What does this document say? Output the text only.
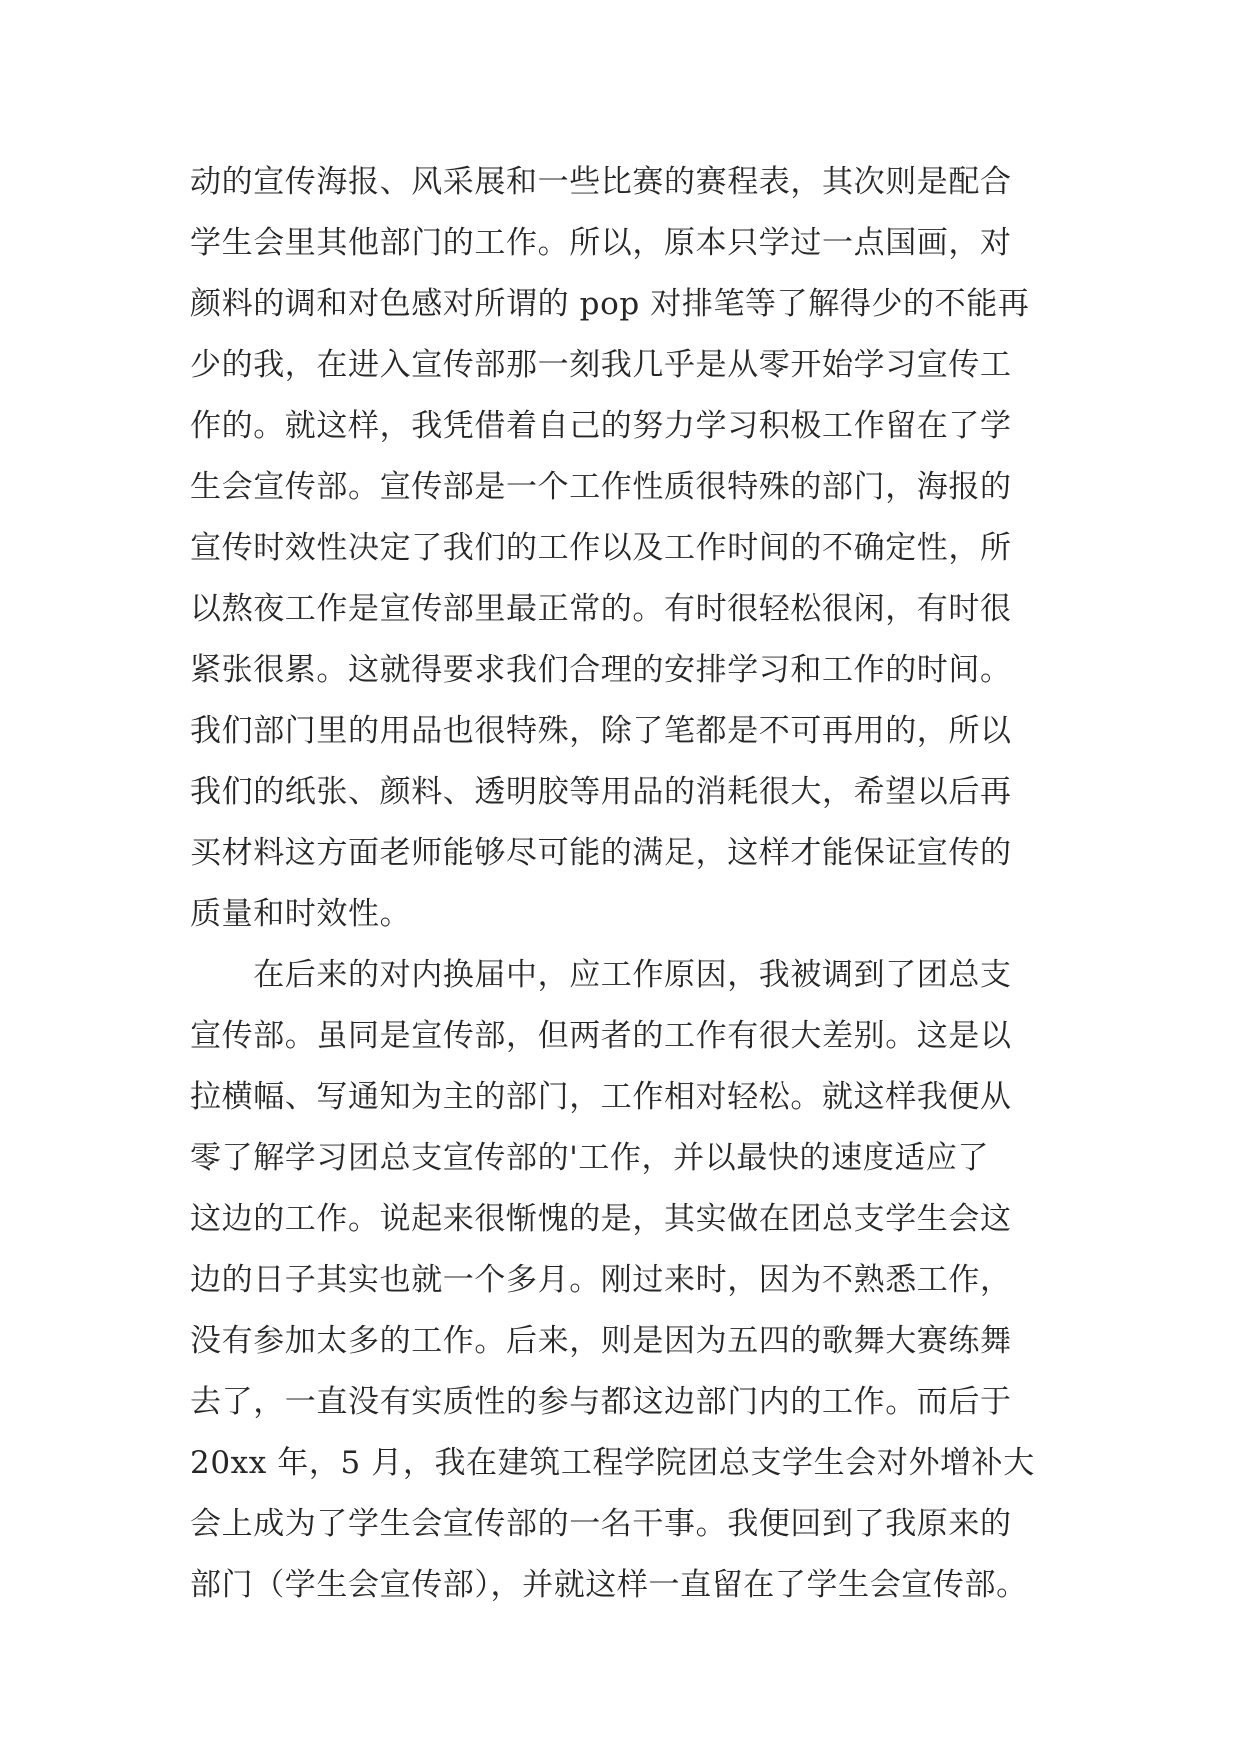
动的宣传海报、风采展和一些比赛的赛程表，其次则是配合
学生会里其他部门的工作。所以，原本只学过一点国画，对
颜料的调和对色感对所谓的 pop 对排笔等了解得少的不能再
少的我，在进入宣传部那一刻我几乎是从零开始学习宣传工
作的。就这样，我凭借着自己的努力学习积极工作留在了学
生会宣传部。宣传部是一个工作性质很特殊的部门，海报的
宣传时效性决定了我们的工作以及工作时间的不确定性，所
以熬夜工作是宣传部里最正常的。有时很轻松很闲，有时很
紧张很累。这就得要求我们合理的安排学习和工作的时间。
我们部门里的用品也很特殊，除了笔都是不可再用的，所以
我们的纸张、颜料、透明胶等用品的消耗很大，希望以后再
买材料这方面老师能够尽可能的满足，这样才能保证宣传的
质量和时效性。
　　在后来的对内换届中，应工作原因，我被调到了团总支
宣传部。虽同是宣传部，但两者的工作有很大差别。这是以
拉横幅、写通知为主的部门，工作相对轻松。就这样我便从
零了解学习团总支宣传部的'工作，并以最快的速度适应了
这边的工作。说起来很惭愧的是，其实做在团总支学生会这
边的日子其实也就一个多月。刚过来时，因为不熟悉工作，
没有参加太多的工作。后来，则是因为五四的歌舞大赛练舞
去了，一直没有实质性的参与都这边部门内的工作。而后于
20xx 年，5 月，我在建筑工程学院团总支学生会对外增补大
会上成为了学生会宣传部的一名干事。我便回到了我原来的
部门（学生会宣传部），并就这样一直留在了学生会宣传部。
